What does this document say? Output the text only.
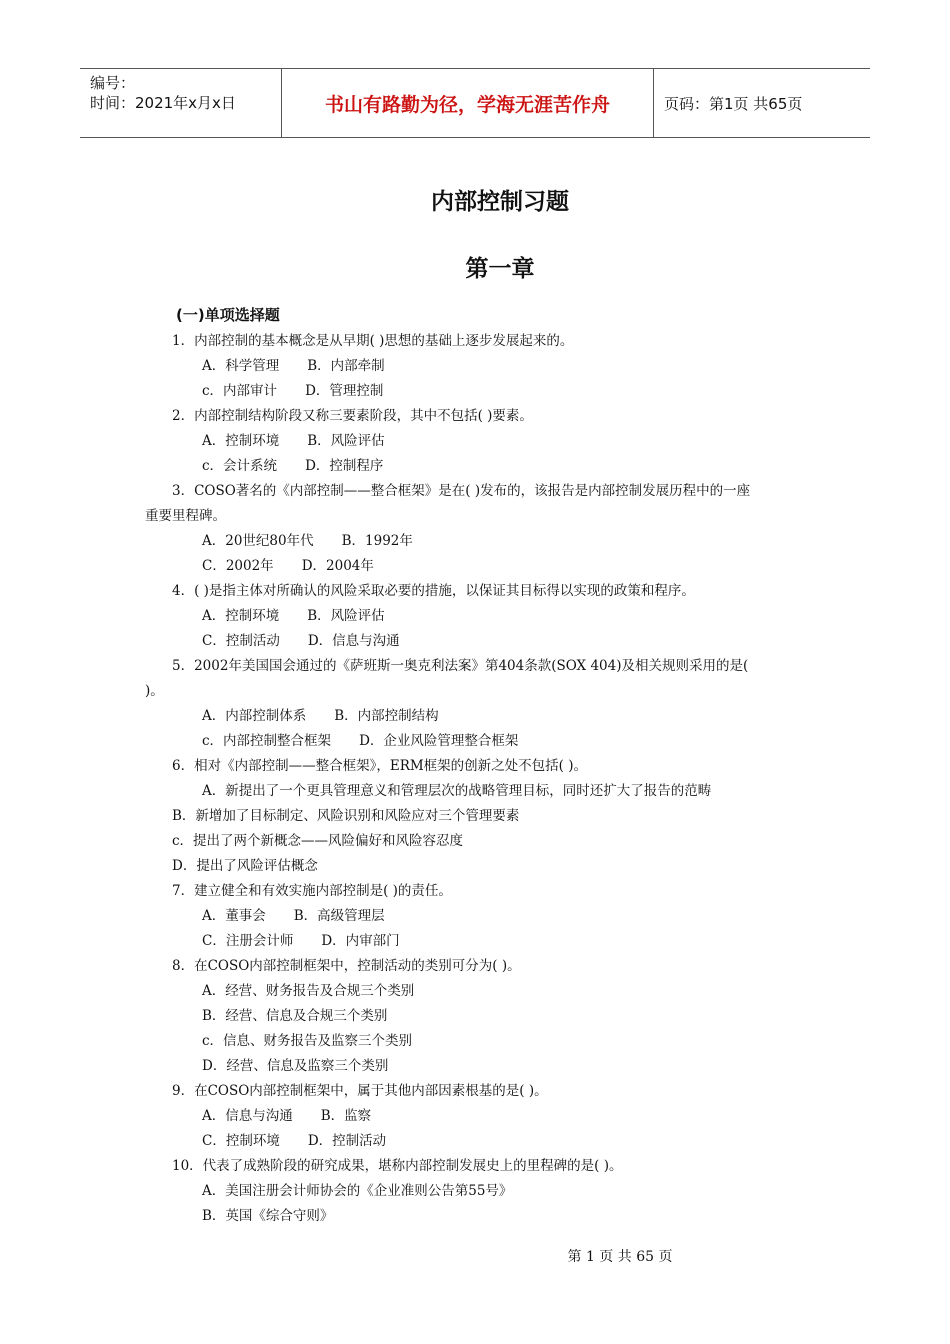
编号：
时间：2021年x月x日	书山有路勤为径，学海无涯苦作舟	页码：第1页 共65页
内部控制习题
第一章
(一)单项选择题
1．内部控制的基本概念是从早期( )思想的基础上逐步发展起来的。
A．科学管理 B．内部牵制
c．内部审计 D．管理控制
2．内部控制结构阶段又称三要素阶段，其中不包括( )要素。
A．控制环境 B．风险评估
c．会计系统 D．控制程序
3．COSO著名的《内部控制——整合框架》是在( )发布的，该报告是内部控制发展历程中的一座
重要里程碑。
A．20世纪80年代 B．1992年
C．2002年 D．2004年
4．( )是指主体对所确认的风险采取必要的措施，以保证其目标得以实现的政策和程序。
A．控制环境 B．风险评估
C．控制活动 D．信息与沟通
5．2002年美国国会通过的《萨班斯一奥克利法案》第404条款(SOX 404)及相关规则采用的是(
)。
A．内部控制体系 B．内部控制结构
c．内部控制整合框架 D．企业风险管理整合框架
6．相对《内部控制——整合框架》，ERM框架的创新之处不包括( )。
A．新提出了一个更具管理意义和管理层次的战略管理目标，同时还扩大了报告的范畴
B．新增加了目标制定、风险识别和风险应对三个管理要素
c．提出了两个新概念——风险偏好和风险容忍度
D．提出了风险评估概念
7．建立健全和有效实施内部控制是( )的责任。
A．董事会 B．高级管理层
C．注册会计师 D．内审部门
8．在COSO内部控制框架中，控制活动的类别可分为( )。
A．经营、财务报告及合规三个类别
B．经营、信息及合规三个类别
c．信息、财务报告及监察三个类别
D．经营、信息及监察三个类别
9．在COSO内部控制框架中，属于其他内部因素根基的是( )。
A．信息与沟通 B．监察
C．控制环境 D．控制活动
10．代表了成熟阶段的研究成果，堪称内部控制发展史上的里程碑的是( )。
A．美国注册会计师协会的《企业准则公告第55号》
B．英国《综合守则》
第 1 页 共 65 页
